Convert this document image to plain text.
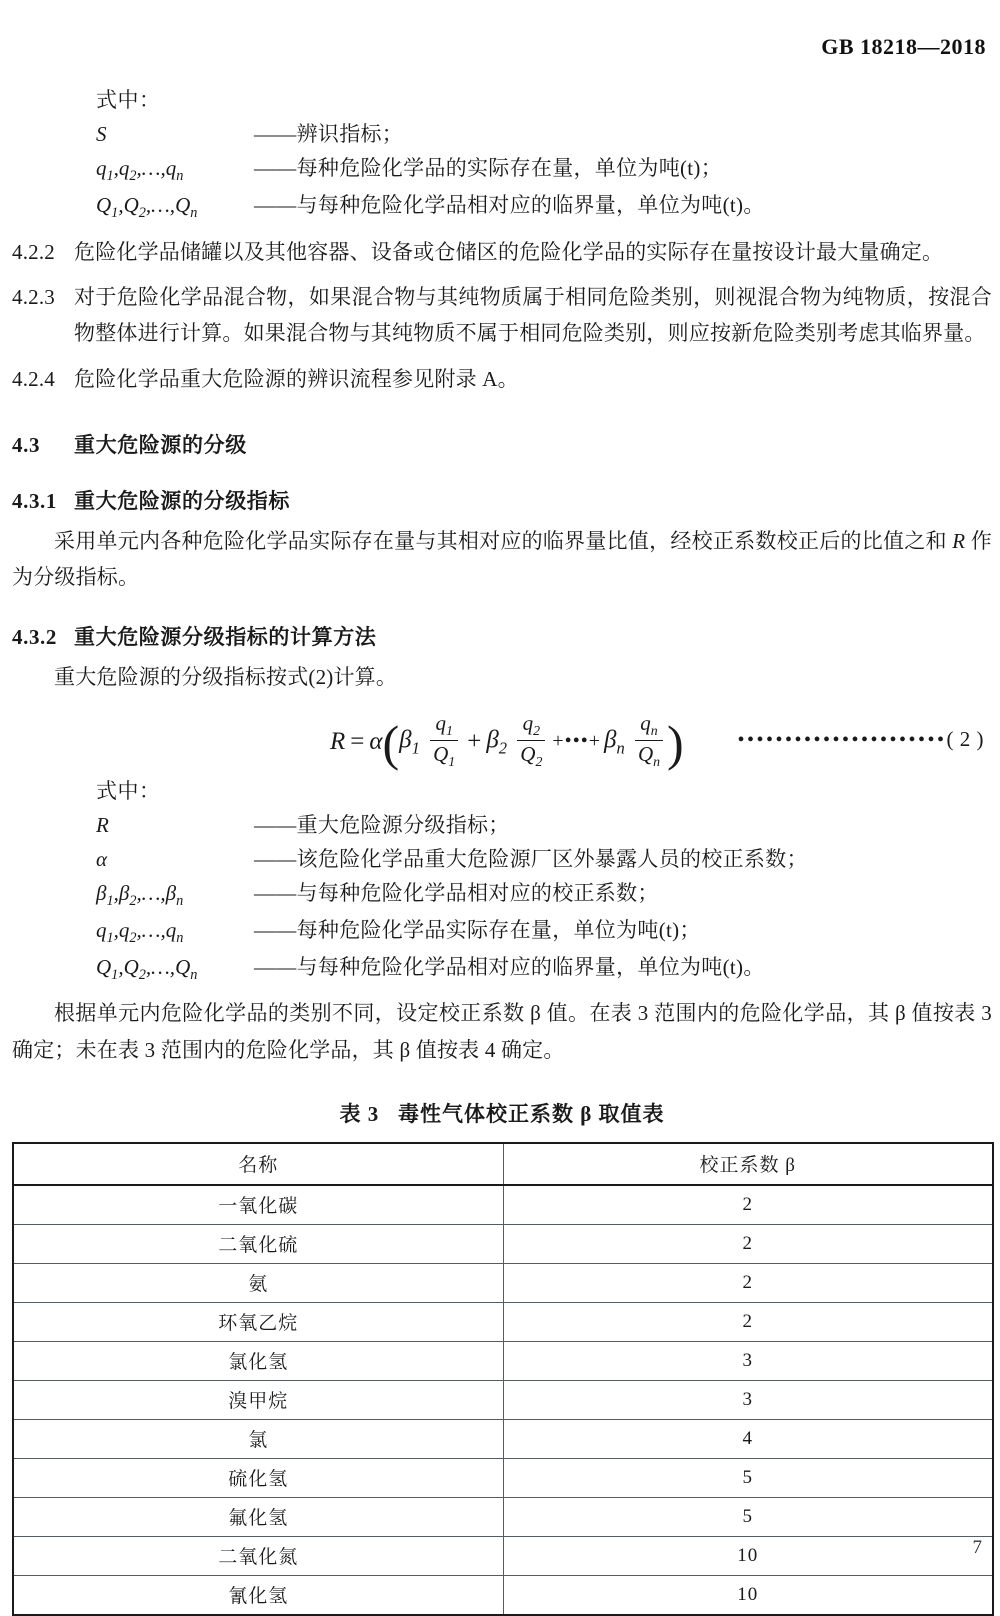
GB 18218—2018
式中：
S	——辨识指标；
$q_1,q_2,\dots,q_n$	——每种危险化学品的实际存在量，单位为吨(t)；
$Q_1,Q_2,\dots,Q_n$	——与每种危险化学品相对应的临界量，单位为吨(t)。
4.2.2 危险化学品储罐以及其他容器、设备或仓储区的危险化学品的实际存在量按设计最大量确定。
4.2.3 对于危险化学品混合物，如果混合物与其纯物质属于相同危险类别，则视混合物为纯物质，按混合物整体进行计算。如果混合物与其纯物质不属于相同危险类别，则应按新危险类别考虑其临界量。
4.2.4 危险化学品重大危险源的辨识流程参见附录 A。
4.3	重大危险源的分级
4.3.1 重大危险源的分级指标
采用单元内各种危险化学品实际存在量与其相对应的临界量比值，经校正系数校正后的比值之和 R 作为分级指标。
4.3.2 重大危险源分级指标的计算方法
重大危险源的分级指标按式(2)计算。
R = α ( $\beta_1 \frac{q_1}{Q_1} + \beta_2 \frac{q_2}{Q_2}$ +•••+ $\beta_n \frac{q_n}{Q_n}$ )	••••••••••••••••••••••( 2 )
式中：
R	——重大危险源分级指标；
α	——该危险化学品重大危险源厂区外暴露人员的校正系数；
$\beta_1,\beta_2,\dots,\beta_n$	——与每种危险化学品相对应的校正系数；
$q_1,q_2,\dots,q_n$	——每种危险化学品实际存在量，单位为吨(t)；
$Q_1,Q_2,\dots,Q_n$	——与每种危险化学品相对应的临界量，单位为吨(t)。
根据单元内危险化学品的类别不同，设定校正系数 β 值。在表 3 范围内的危险化学品，其 β 值按表 3确定；未在表 3 范围内的危险化学品，其 β 值按表 4 确定。
表 3 毒性气体校正系数 β 取值表
名称	校正系数 β
一氧化碳	2
二氧化硫	2
氨	2
环氧乙烷	2
氯化氢	3
溴甲烷	3
氯	4
硫化氢	5
氟化氢	5
二氧化氮	10
氰化氢	10
7
